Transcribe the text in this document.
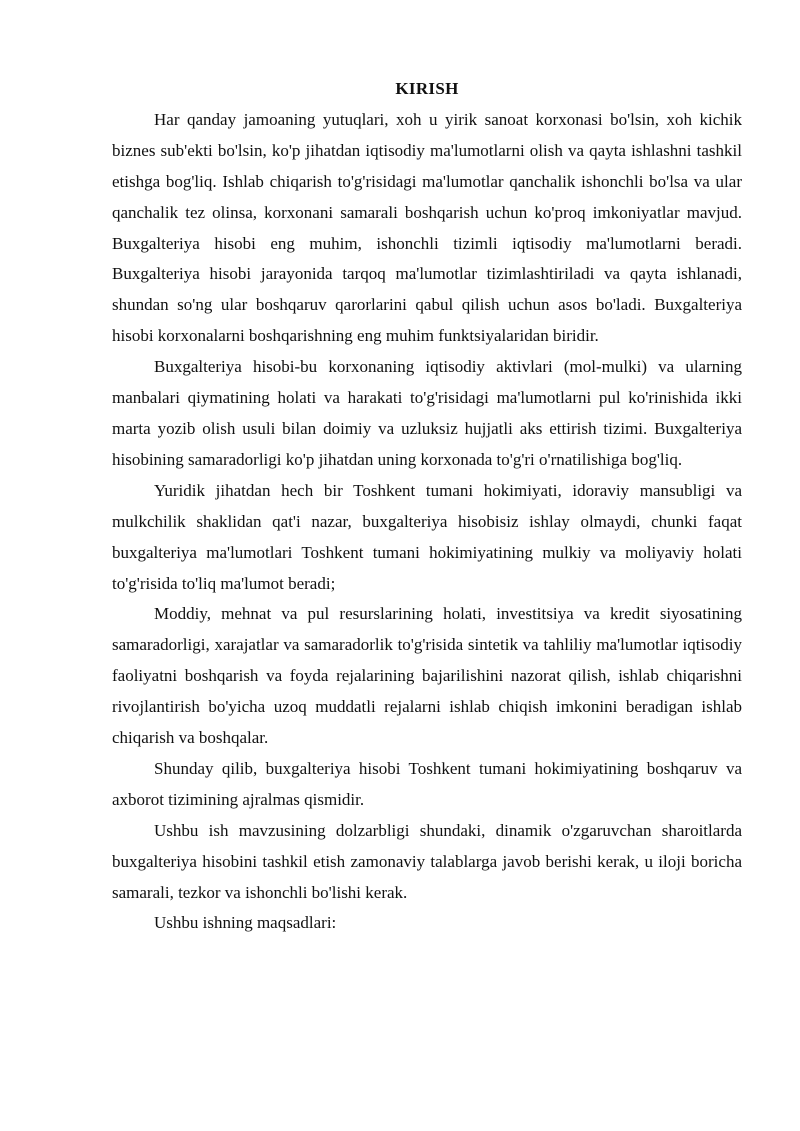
KIRISH

Har qanday jamoaning yutuqlari, xoh u yirik sanoat korxonasi bo'lsin, xoh kichik biznes sub'ekti bo'lsin, ko'p jihatdan iqtisodiy ma'lumotlarni olish va qayta ishlashni tashkil etishga bog'liq. Ishlab chiqarish to'g'risidagi ma'lumotlar qanchalik ishonchli bo'lsa va ular qanchalik tez olinsa, korxonani samarali boshqarish uchun ko'proq imkoniyatlar mavjud. Buxgalteriya hisobi eng muhim, ishonchli tizimli iqtisodiy ma'lumotlarni beradi. Buxgalteriya hisobi jarayonida tarqoq ma'lumotlar tizimlashtiriladi va qayta ishlanadi, shundan so'ng ular boshqaruv qarorlarini qabul qilish uchun asos bo'ladi. Buxgalteriya hisobi korxonalarni boshqarishning eng muhim funktsiyalaridan biridir.

Buxgalteriya hisobi-bu korxonaning iqtisodiy aktivlari (mol-mulki) va ularning manbalari qiymatining holati va harakati to'g'risidagi ma'lumotlarni pul ko'rinishida ikki marta yozib olish usuli bilan doimiy va uzluksiz hujjatli aks ettirish tizimi. Buxgalteriya hisobining samaradorligi ko'p jihatdan uning korxonada to'g'ri o'rnatilishiga bog'liq.

Yuridik jihatdan hech bir Toshkent tumani hokimiyati, idoraviy mansubligi va mulkchilik shaklidan qat'i nazar, buxgalteriya hisobisiz ishlay olmaydi, chunki faqat buxgalteriya ma'lumotlari Toshkent tumani hokimiyatining mulkiy va moliyaviy holati to'g'risida to'liq ma'lumot beradi;

Moddiy, mehnat va pul resurslarining holati, investitsiya va kredit siyosatining samaradorligi, xarajatlar va samaradorlik to'g'risida sintetik va tahliliy ma'lumotlar iqtisodiy faoliyatni boshqarish va foyda rejalarining bajarilishini nazorat qilish, ishlab chiqarishni rivojlantirish bo'yicha uzoq muddatli rejalarni ishlab chiqish imkonini beradigan ishlab chiqarish va boshqalar.

Shunday qilib, buxgalteriya hisobi Toshkent tumani hokimiyatining boshqaruv va axborot tizimining ajralmas qismidir.

Ushbu ish mavzusining dolzarbligi shundaki, dinamik o'zgaruvchan sharoitlarda buxgalteriya hisobini tashkil etish zamonaviy talablarga javob berishi kerak, u iloji boricha samarali, tezkor va ishonchli bo'lishi kerak.

Ushbu ishning maqsadlari:
